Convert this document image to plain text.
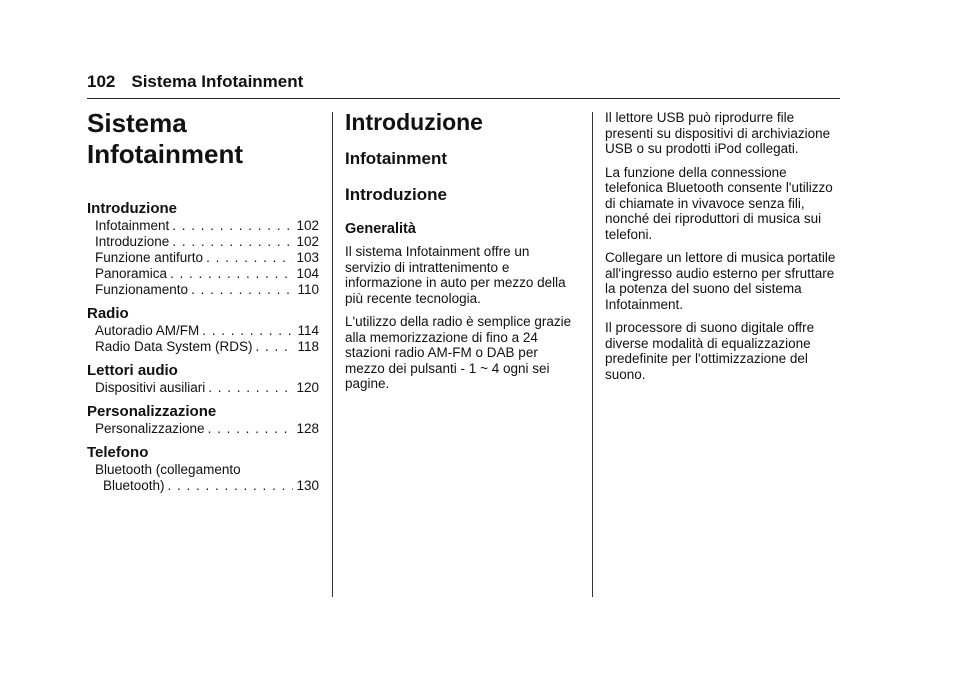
102 Sistema Infotainment
Sistema
Infotainment
Introduzione
Infotainment . . .	102
Introduzione . . .	102
Funzione antifurto . . .	103
Panoramica . . .	104
Funzionamento . . .	110
Radio
Autoradio AM/FM . . .	114
Radio Data System (RDS) . . .	118
Lettori audio
Dispositivi ausiliari . . .	120
Personalizzazione
Personalizzazione . . .	128
Telefono
Bluetooth (collegamento
Bluetooth) . . .	130
Introduzione
Infotainment
Introduzione
Generalità

Il sistema Infotainment offre un servizio di intrattenimento e informazione in auto per mezzo della più recente tecnologia.

L'utilizzo della radio è semplice grazie alla memorizzazione di fino a 24 stazioni radio AM-FM o DAB per mezzo dei pulsanti - 1 ~ 4 ogni sei pagine.

Il lettore USB può riprodurre file presenti su dispositivi di archiviazione USB o su prodotti iPod collegati.

La funzione della connessione telefonica Bluetooth consente l'utilizzo di chiamate in vivavoce senza fili, nonché dei riproduttori di musica sui telefoni.

Collegare un lettore di musica portatile all'ingresso audio esterno per sfruttare la potenza del suono del sistema Infotainment.

Il processore di suono digitale offre diverse modalità di equalizzazione predefinite per l'ottimizzazione del suono.
